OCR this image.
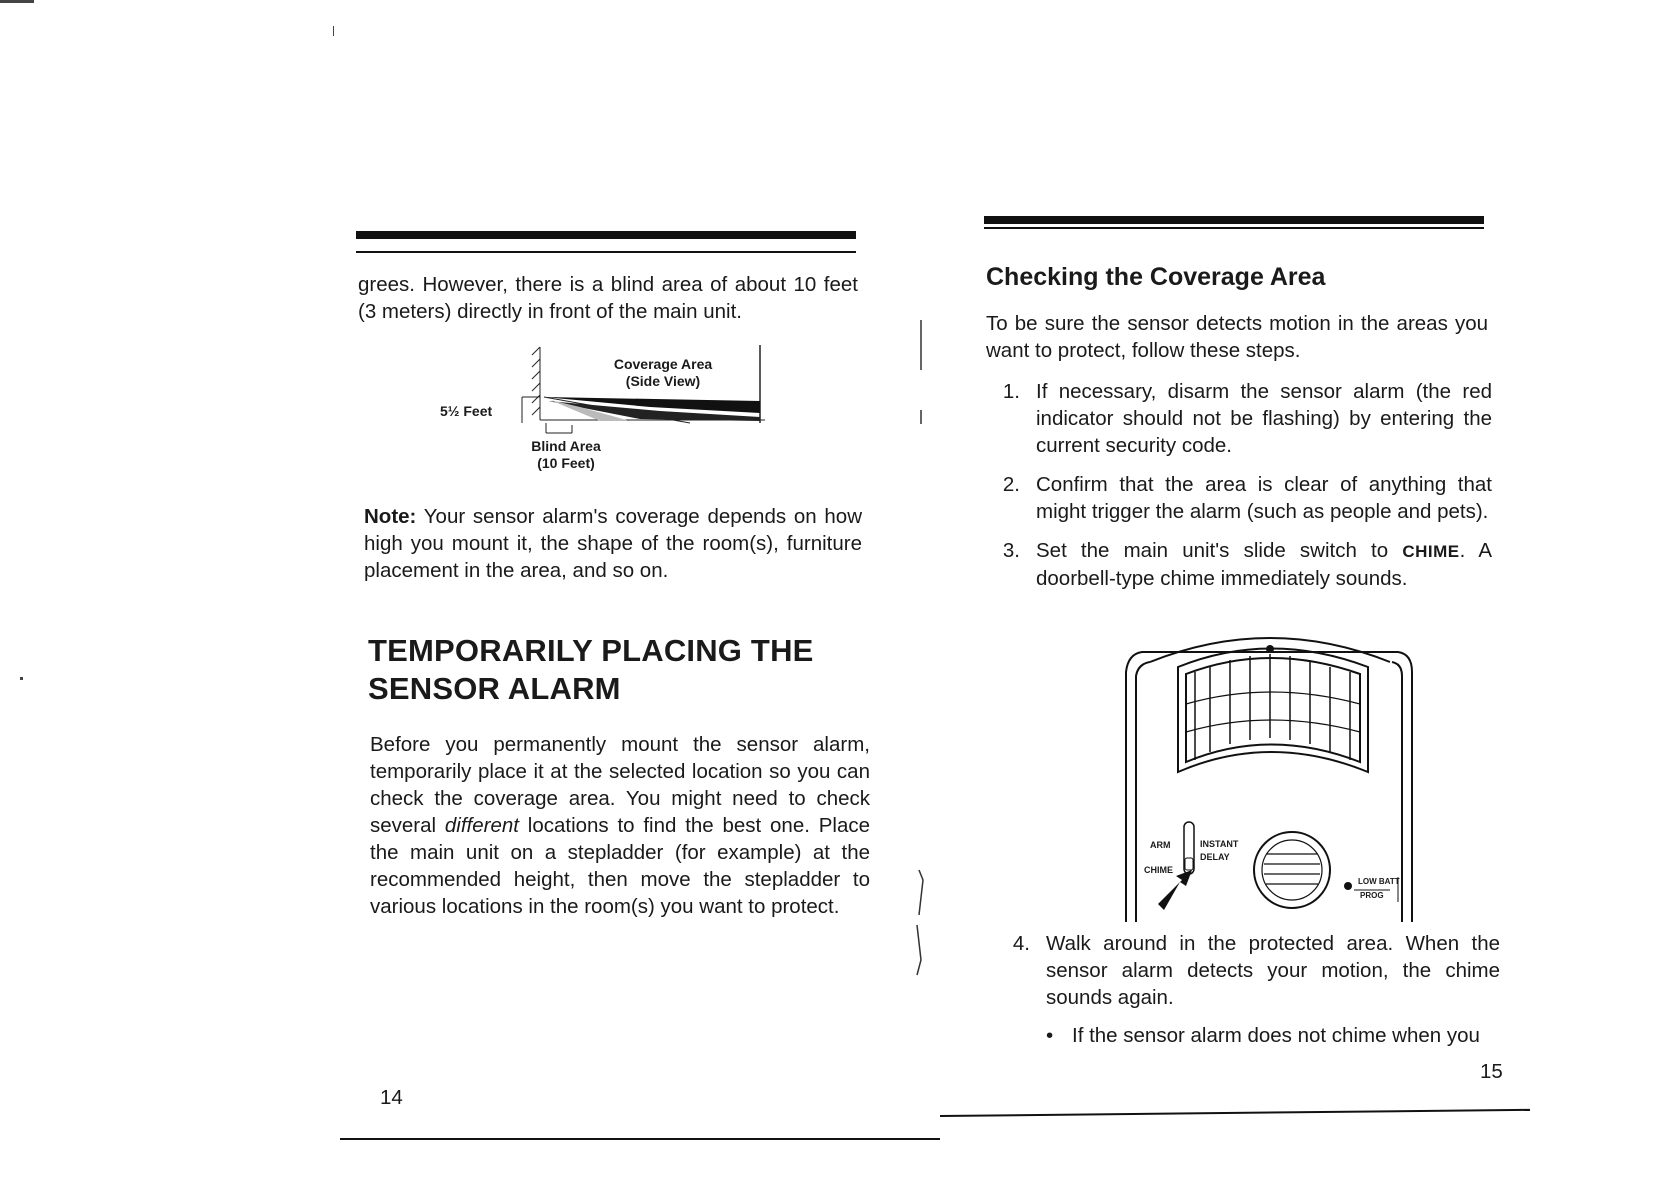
grees. However, there is a blind area of about 10 feet (3 meters) directly in front of the main unit.

Coverage Area
(Side View)
5½ Feet
Blind Area
(10 Feet)

Note: Your sensor alarm's coverage depends on how high you mount it, the shape of the room(s), furniture placement in the area, and so on.

TEMPORARILY PLACING THE
SENSOR ALARM

Before you permanently mount the sensor alarm, temporarily place it at the selected location so you can check the coverage area. You might need to check several different locations to find the best one. Place the main unit on a stepladder (for example) at the recommended height, then move the stepladder to various locations in the room(s) you want to protect.

14
Checking the Coverage Area

To be sure the sensor detects motion in the areas you want to protect, follow these steps.

1. If necessary, disarm the sensor alarm (the red indicator should not be flashing) by entering the current security code.
2. Confirm that the area is clear of anything that might trigger the alarm (such as people and pets).
3. Set the main unit's slide switch to CHIME. A doorbell-type chime immediately sounds.
ARM
CHIME
INSTANT
DELAY
LOW BATT
PROG
4. Walk around in the protected area. When the sensor alarm detects your motion, the chime sounds again.
• If the sensor alarm does not chime when you
15
